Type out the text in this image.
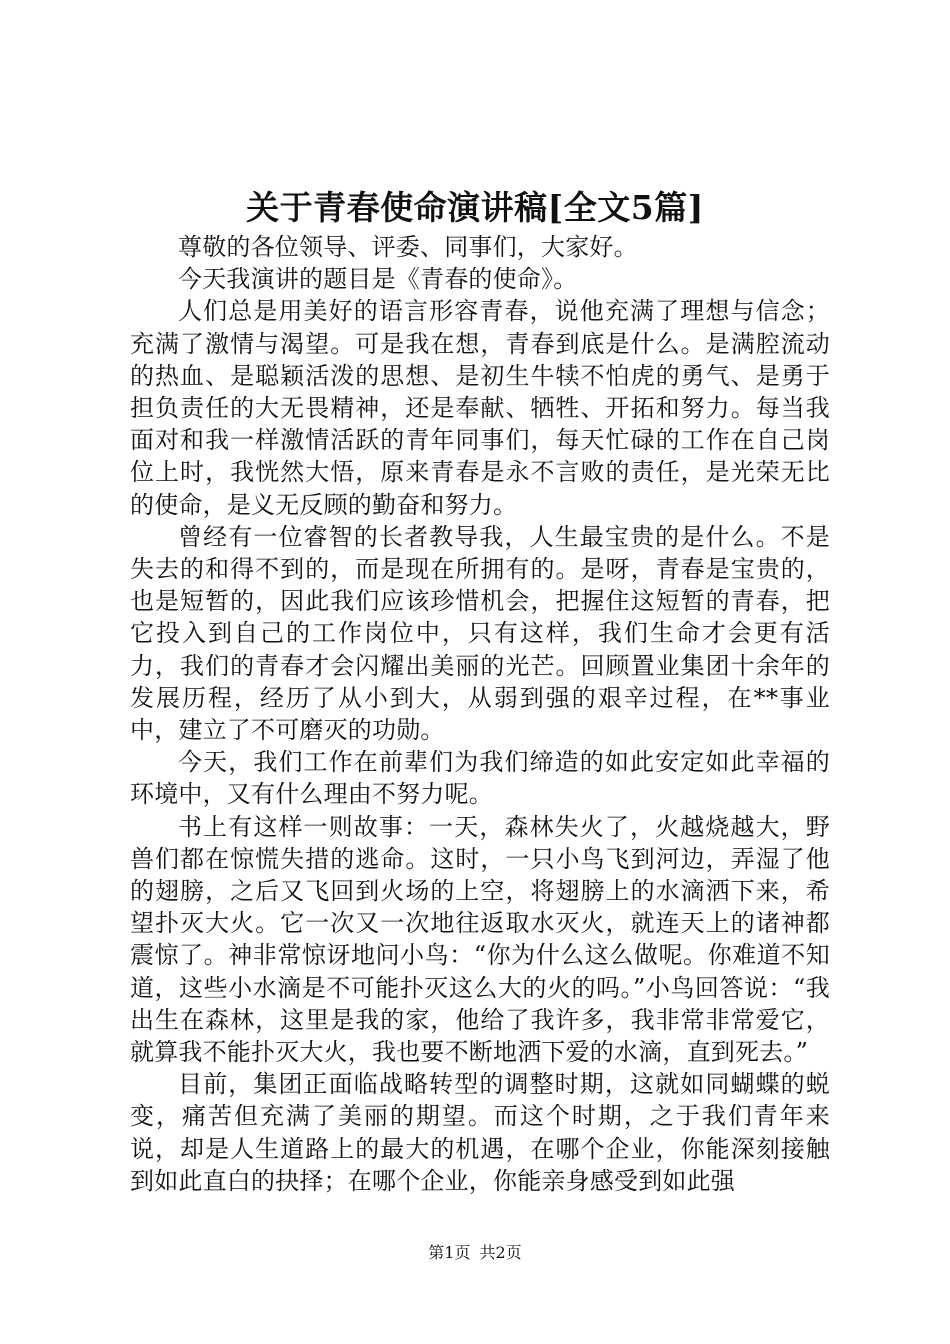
关于青春使命演讲稿[全文5篇]

尊敬的各位领导、评委、同事们，大家好。

今天我演讲的题目是《青春的使命》。

人们总是用美好的语言形容青春，说他充满了理想与信念；充满了激情与渴望。可是我在想，青春到底是什么。是满腔流动的热血、是聪颖活泼的思想、是初生牛犊不怕虎的勇气、是勇于担负责任的大无畏精神，还是奉献、牺牲、开拓和努力。每当我面对和我一样激情活跃的青年同事们，每天忙碌的工作在自己岗位上时，我恍然大悟，原来青春是永不言败的责任，是光荣无比的使命，是义无反顾的勤奋和努力。

曾经有一位睿智的长者教导我，人生最宝贵的是什么。不是失去的和得不到的，而是现在所拥有的。是呀，青春是宝贵的，也是短暂的，因此我们应该珍惜机会，把握住这短暂的青春，把它投入到自己的工作岗位中，只有这样，我们生命才会更有活力，我们的青春才会闪耀出美丽的光芒。回顾置业集团十余年的发展历程，经历了从小到大，从弱到强的艰辛过程，在**事业中，建立了不可磨灭的功勋。

今天，我们工作在前辈们为我们缔造的如此安定如此幸福的环境中，又有什么理由不努力呢。

书上有这样一则故事：一天，森林失火了，火越烧越大，野兽们都在惊慌失措的逃命。这时，一只小鸟飞到河边，弄湿了他的翅膀，之后又飞回到火场的上空，将翅膀上的水滴洒下来，希望扑灭大火。它一次又一次地往返取水灭火，就连天上的诸神都震惊了。神非常惊讶地问小鸟：“你为什么这么做呢。你难道不知道，这些小水滴是不可能扑灭这么大的火的吗。”小鸟回答说：“我出生在森林，这里是我的家，他给了我许多，我非常非常爱它，就算我不能扑灭大火，我也要不断地洒下爱的水滴，直到死去。”

目前，集团正面临战略转型的调整时期，这就如同蝴蝶的蜕变，痛苦但充满了美丽的期望。而这个时期，之于我们青年来说，却是人生道路上的最大的机遇，在哪个企业，你能深刻接触到如此直白的抉择；在哪个企业，你能亲身感受到如此强

第1页 共2页
